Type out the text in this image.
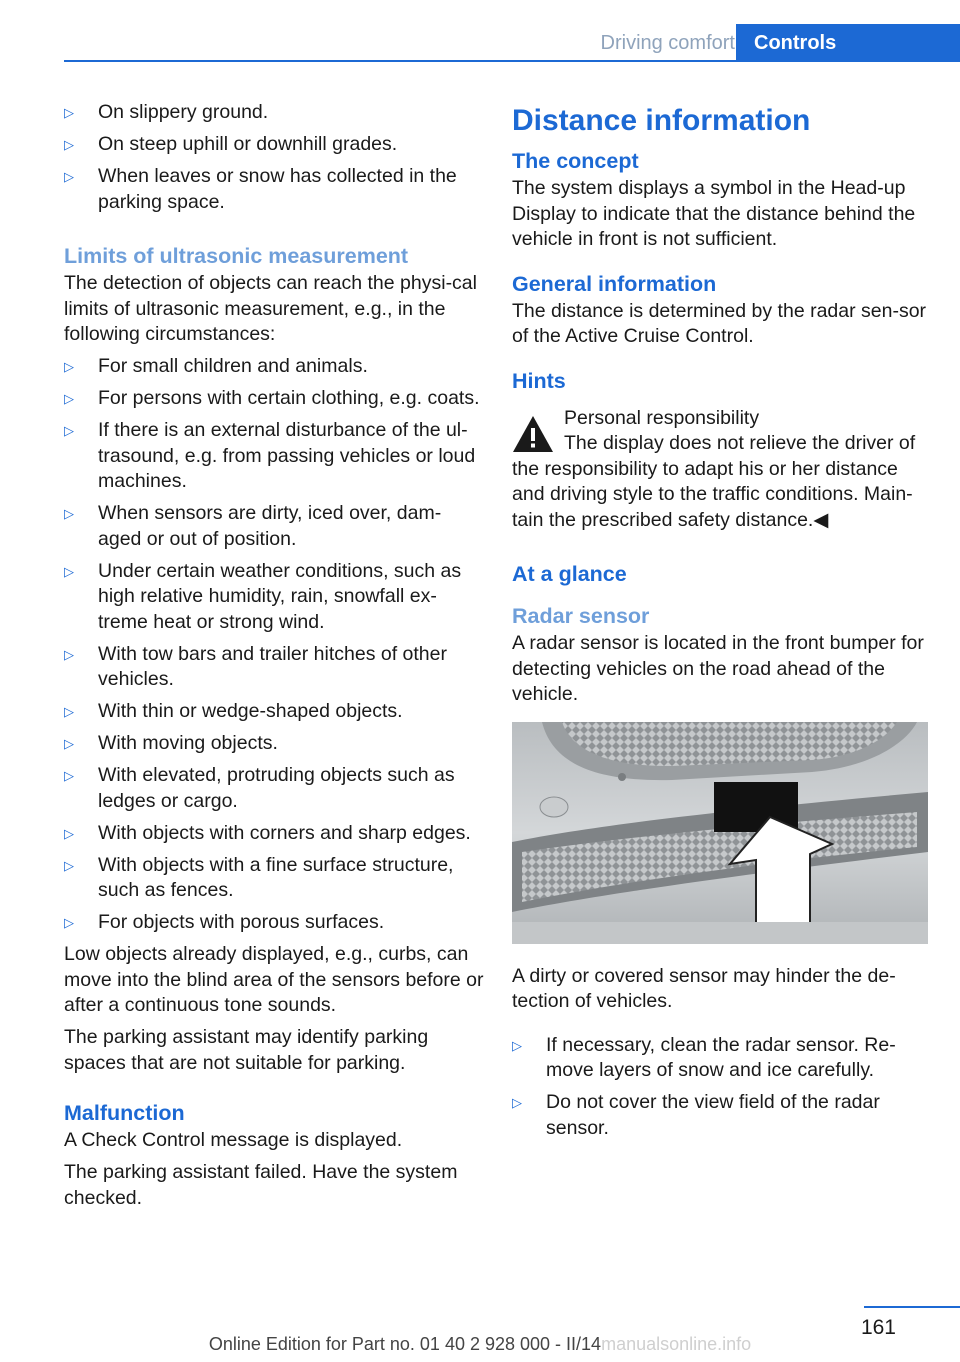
Driving comfort Controls
▷	On slippery ground.
▷	On steep uphill or downhill grades.
▷	When leaves or snow has collected in the parking space.
Limits of ultrasonic measurement

The detection of objects can reach the physi‐cal limits of ultrasonic measurement, e.g., in the following circumstances:

▷	For small children and animals.
▷	For persons with certain clothing, e.g. coats.
▷	If there is an external disturbance of the ul‐trasound, e.g. from passing vehicles or loud machines.
▷	When sensors are dirty, iced over, dam‐aged or out of position.
▷	Under certain weather conditions, such as high relative humidity, rain, snowfall ex‐treme heat or strong wind.
▷	With tow bars and trailer hitches of other vehicles.
▷	With thin or wedge-shaped objects.
▷	With moving objects.
▷	With elevated, protruding objects such as ledges or cargo.
▷	With objects with corners and sharp edges.
▷	With objects with a fine surface structure, such as fences.
▷	For objects with porous surfaces.

Low objects already displayed, e.g., curbs, can move into the blind area of the sensors before or after a continuous tone sounds.

The parking assistant may identify parking spaces that are not suitable for parking.

Malfunction

A Check Control message is displayed.

The parking assistant failed. Have the system checked.

Distance information
The concept

The system displays a symbol in the Head-up Display to indicate that the distance behind the vehicle in front is not sufficient.

General information

The distance is determined by the radar sen‐sor of the Active Cruise Control.

Hints
Personal responsibility
The display does not relieve the driver of the responsibility to adapt his or her distance and driving style to the traffic conditions. Main‐tain the prescribed safety distance.◀
At a glance
Radar sensor

A radar sensor is located in the front bumper for detecting vehicles on the road ahead of the vehicle.

A dirty or covered sensor may hinder the de‐tection of vehicles.

▷	If necessary, clean the radar sensor. Re‐move layers of snow and ice carefully.
▷	Do not cover the view field of the radar sensor.
161
Online Edition for Part no. 01 40 2 928 000 - II/14manualsonline.info
